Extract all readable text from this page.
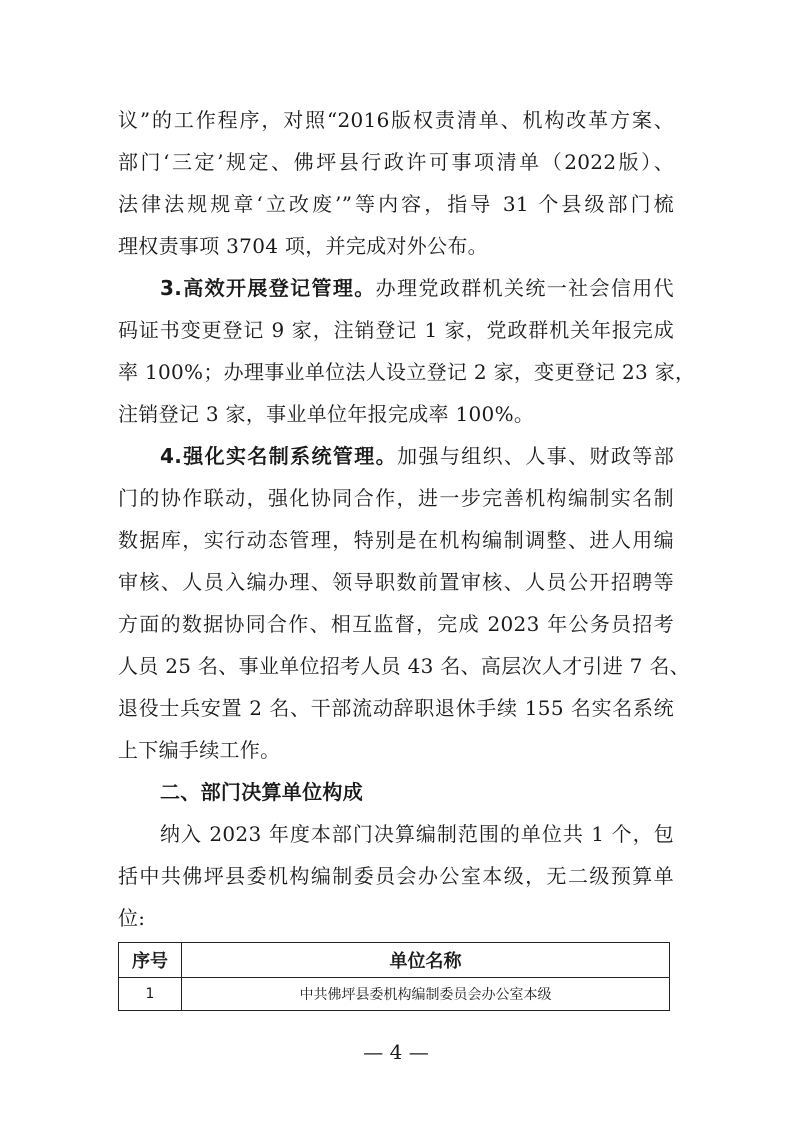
议”的工作程序，对照“2016版权责清单、机构改革方案、
部门‘三定’规定、佛坪县行政许可事项清单（2022版）、
法律法规规章‘立改废’”等内容，指导 31 个县级部门梳
理权责事项 3704 项，并完成对外公布。
3.高效开展登记管理。办理党政群机关统一社会信用代
码证书变更登记 9 家，注销登记 1 家，党政群机关年报完成
率 100%；办理事业单位法人设立登记 2 家，变更登记 23 家，
注销登记 3 家，事业单位年报完成率 100%。
4.强化实名制系统管理。加强与组织、人事、财政等部
门的协作联动，强化协同合作，进一步完善机构编制实名制
数据库，实行动态管理，特别是在机构编制调整、进人用编
审核、人员入编办理、领导职数前置审核、人员公开招聘等
方面的数据协同合作、相互监督，完成 2023 年公务员招考
人员 25 名、事业单位招考人员 43 名、高层次人才引进 7 名、
退役士兵安置 2 名、干部流动辞职退休手续 155 名实名系统
上下编手续工作。
二、部门决算单位构成
纳入 2023 年度本部门决算编制范围的单位共 1 个，包
括中共佛坪县委机构编制委员会办公室本级，无二级预算单
位:
序号	单位名称
1	中共佛坪县委机构编制委员会办公室本级
— 4 —
